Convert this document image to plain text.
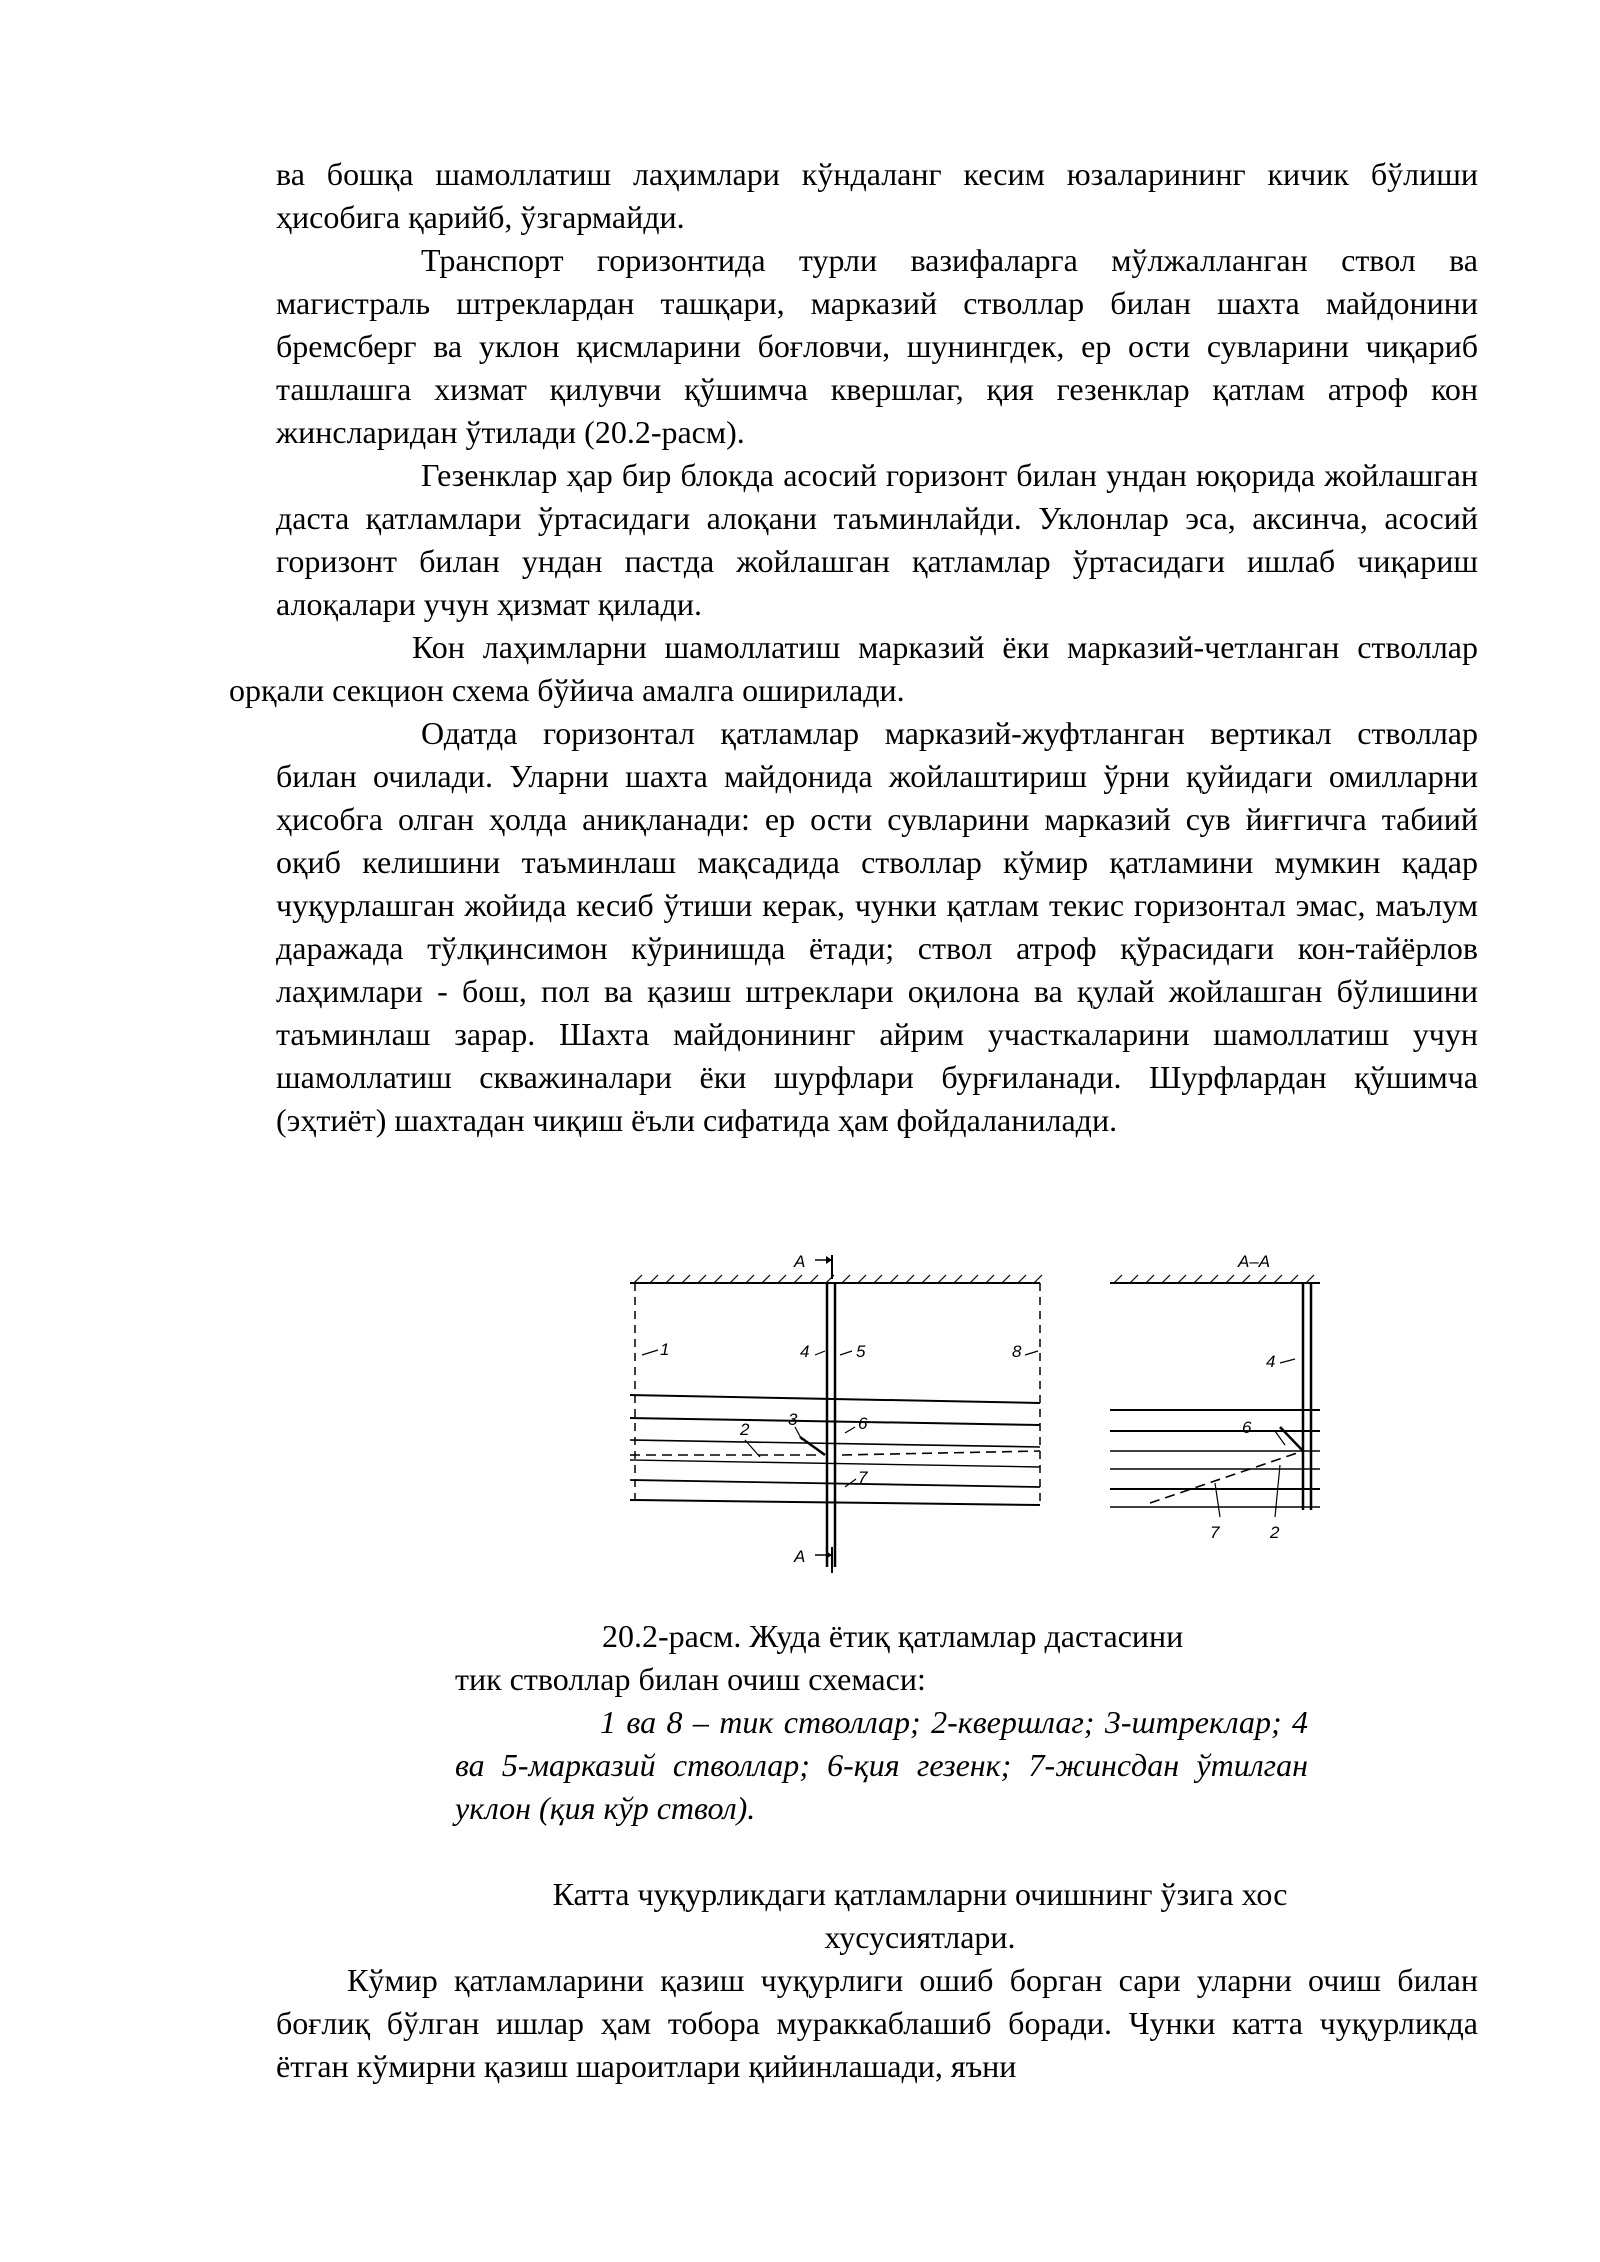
ва бошқа шамоллатиш лаҳимлари кўндаланг кесим юзаларининг кичик бўлиши ҳисобига қарийб, ўзгармайди.

Транспорт горизонтида турли вазифаларга мўлжалланган ствол ва магистраль штреклардан ташқари, марказий стволлар билан шахта майдонини бремсберг ва уклон қисмларини боғловчи, шунингдек, ер ости сувларини чиқариб ташлашга хизмат қилувчи қўшимча квершлаг, қия гезенклар қатлам атроф кон жинсларидан ўтилади (20.2-расм).

Гезенклар ҳар бир блокда асосий горизонт билан ундан юқорида жойлашган даста қатламлари ўртасидаги алоқани таъминлайди. Уклонлар эса, аксинча, асосий горизонт билан ундан пастда жойлашган қатламлар ўртасидаги ишлаб чиқариш алоқалари учун ҳизмат қилади.

Кон лаҳимларни шамоллатиш марказий ёки марказий-четланган стволлар орқали секцион схема бўйича амалга оширилади.

Одатда горизонтал қатламлар марказий-жуфтланган вертикал стволлар билан очилади. Уларни шахта майдонида жойлаштириш ўрни қуйидаги омилларни ҳисобга олган ҳолда аниқланади: ер ости сувларини марказий сув йиғгичга табиий оқиб келишини таъминлаш мақсадида стволлар кўмир қатламини мумкин қадар чуқурлашган жойида кесиб ўтиши керак, чунки қатлам текис горизонтал эмас, маълум даражада тўлқинсимон кўринишда ётади; ствол атроф қўрасидаги кон-тайёрлов лаҳимлари - бош, пол ва қазиш штреклари оқилона ва қулай жойлашган бўлишини таъминлаш зарар. Шахта майдонининг айрим участкаларини шамоллатиш учун шамоллатиш скважиналари ёки шурфлари бурғиланади. Шурфлардан қўшимча (эҳтиёт) шахтадан чиқиш ёъли сифатида ҳам фойдаланилади.

А
А
1
2
3
4	5
6
7
8
А–А
4
6
7	2

20.2-расм. Жуда ётиқ қатламлар дастасини

тик стволлар билан очиш схемаси:

1 ва 8 – тик стволлар; 2-квершлаг; 3-штреклар; 4 ва 5-марказий стволлар; 6-қия гезенк; 7-жинсдан ўтилган уклон (қия кўр ствол).

Катта чуқурликдаги қатламларни очишнинг ўзига хос хусусиятлари.

Кўмир қатламларини қазиш чуқурлиги ошиб борган сари уларни очиш билан боғлиқ бўлган ишлар ҳам тобора мураккаблашиб боради. Чунки катта чуқурликда ётган кўмирни қазиш шароитлари қийинлашади, яъни
